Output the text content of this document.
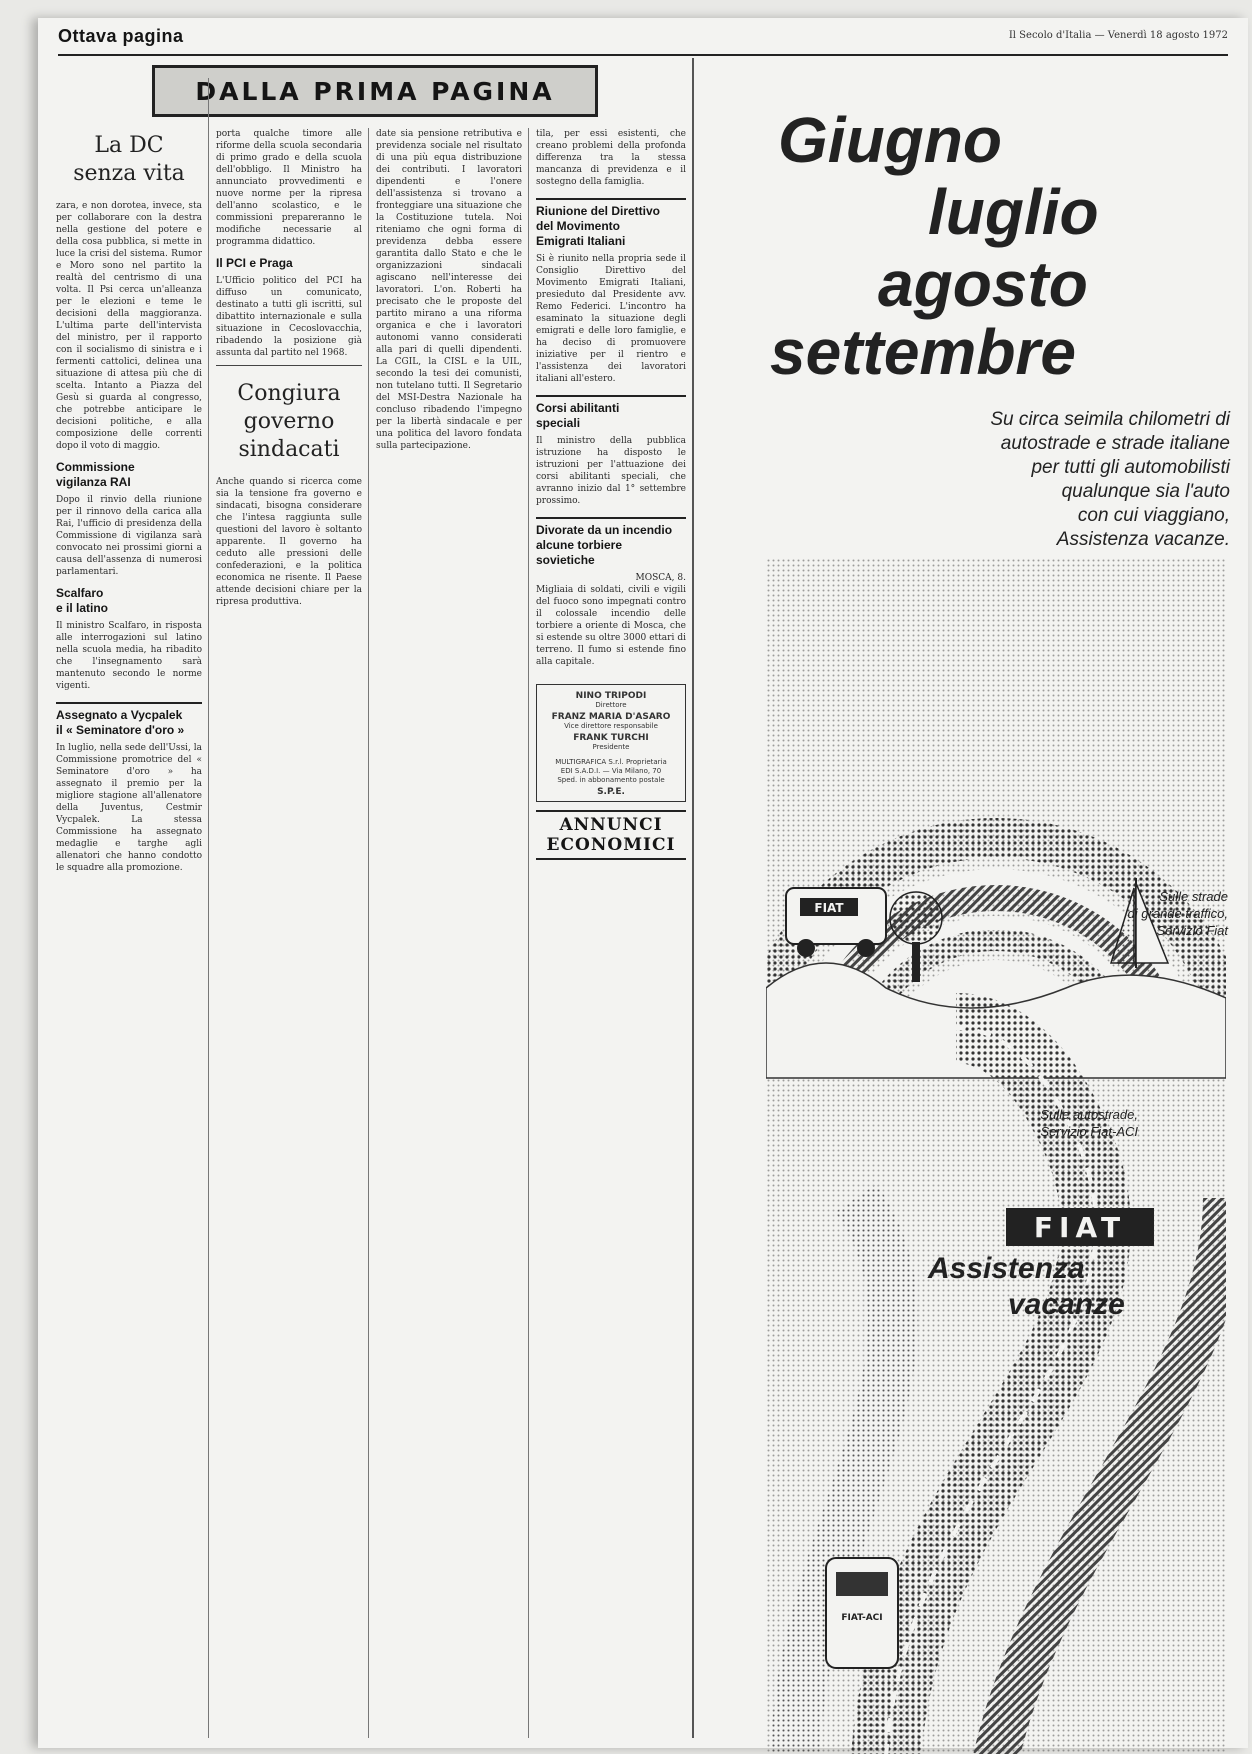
Ottava pagina	Il Secolo d'Italia — Venerdì 18 agosto 1972
DALLA PRIMA PAGINA
La DC
senza vita

zara, e non dorotea, invece, sta per collaborare con la destra nella gestione del potere e della cosa pubblica, si mette in luce la crisi del sistema. Rumor e Moro sono nel partito la realtà del centrismo di una volta. Il Psi cerca un'alleanza per le elezioni e teme le decisioni della maggioranza. L'ultima parte dell'intervista del ministro, per il rapporto con il socialismo di sinistra e i fermenti cattolici, delinea una situazione di attesa più che di scelta. Intanto a Piazza del Gesù si guarda al congresso, che potrebbe anticipare le decisioni politiche, e alla composizione delle correnti dopo il voto di maggio.

Commissione
vigilanza RAI

Dopo il rinvio della riunione per il rinnovo della carica alla Rai, l'ufficio di presidenza della Commissione di vigilanza sarà convocato nei prossimi giorni a causa dell'assenza di numerosi parlamentari.

Scalfaro
e il latino

Il ministro Scalfaro, in risposta alle interrogazioni sul latino nella scuola media, ha ribadito che l'insegnamento sarà mantenuto secondo le norme vigenti.

Assegnato a Vycpalek
il « Seminatore d'oro »

In luglio, nella sede dell'Ussi, la Commissione promotrice del « Seminatore d'oro » ha assegnato il premio per la migliore stagione all'allenatore della Juventus, Cestmir Vycpalek. La stessa Commissione ha assegnato medaglie e targhe agli allenatori che hanno condotto le squadre alla promozione.

porta qualche timore alle riforme della scuola secondaria di primo grado e della scuola dell'obbligo. Il Ministro ha annunciato provvedimenti e nuove norme per la ripresa dell'anno scolastico, e le commissioni prepareranno le modifiche necessarie al programma didattico.

Il PCI e Praga

L'Ufficio politico del PCI ha diffuso un comunicato, destinato a tutti gli iscritti, sul dibattito internazionale e sulla situazione in Cecoslovacchia, ribadendo la posizione già assunta dal partito nel 1968.

Congiura
governo
sindacati

Anche quando si ricerca come sia la tensione fra governo e sindacati, bisogna considerare che l'intesa raggiunta sulle questioni del lavoro è soltanto apparente. Il governo ha ceduto alle pressioni delle confederazioni, e la politica economica ne risente. Il Paese attende decisioni chiare per la ripresa produttiva.

date sia pensione retributiva e previdenza sociale nel risultato di una più equa distribuzione dei contributi. I lavoratori dipendenti e l'onere dell'assistenza si trovano a fronteggiare una situazione che la Costituzione tutela. Noi riteniamo che ogni forma di previdenza debba essere garantita dallo Stato e che le organizzazioni sindacali agiscano nell'interesse dei lavoratori. L'on. Roberti ha precisato che le proposte del partito mirano a una riforma organica e che i lavoratori autonomi vanno considerati alla pari di quelli dipendenti. La CGIL, la CISL e la UIL, secondo la tesi dei comunisti, non tutelano tutti. Il Segretario del MSI-Destra Nazionale ha concluso ribadendo l'impegno per la libertà sindacale e per una politica del lavoro fondata sulla partecipazione.

tila, per essi esistenti, che creano problemi della profonda differenza tra la stessa mancanza di previdenza e il sostegno della famiglia.

Riunione del Direttivo
del Movimento
Emigrati Italiani

Si è riunito nella propria sede il Consiglio Direttivo del Movimento Emigrati Italiani, presieduto dal Presidente avv. Remo Federici. L'incontro ha esaminato la situazione degli emigrati e delle loro famiglie, e ha deciso di promuovere iniziative per il rientro e l'assistenza dei lavoratori italiani all'estero.

Corsi abilitanti
speciali

Il ministro della pubblica istruzione ha disposto le istruzioni per l'attuazione dei corsi abilitanti speciali, che avranno inizio dal 1° settembre prossimo.

Divorate da un incendio
alcune torbiere
sovietiche

MOSCA, 8.

Migliaia di soldati, civili e vigili del fuoco sono impegnati contro il colossale incendio delle torbiere a oriente di Mosca, che si estende su oltre 3000 ettari di terreno. Il fumo si estende fino alla capitale.

NINO TRIPODI
Direttore
FRANZ MARIA D'ASARO
Vice direttore responsabile
FRANK TURCHI
Presidente
MULTIGRAFICA S.r.l. Proprietaria
EDI S.A.D.I. — Via Milano, 70
Sped. in abbonamento postale
S.P.E.
ANNUNCI ECONOMICI
Giugno
luglio
agosto
settembre
Su circa seimila chilometri di
autostrade e strade italiane
per tutti gli automobilisti
qualunque sia l'auto
con cui viaggiano,
Assistenza vacanze.
FIAT
FIAT-ACI
Sulle strade
di grande traffico,
Servizio Fiat
Sulle autostrade,
Servizio Fiat-ACI
FIAT
Assistenza
vacanze
